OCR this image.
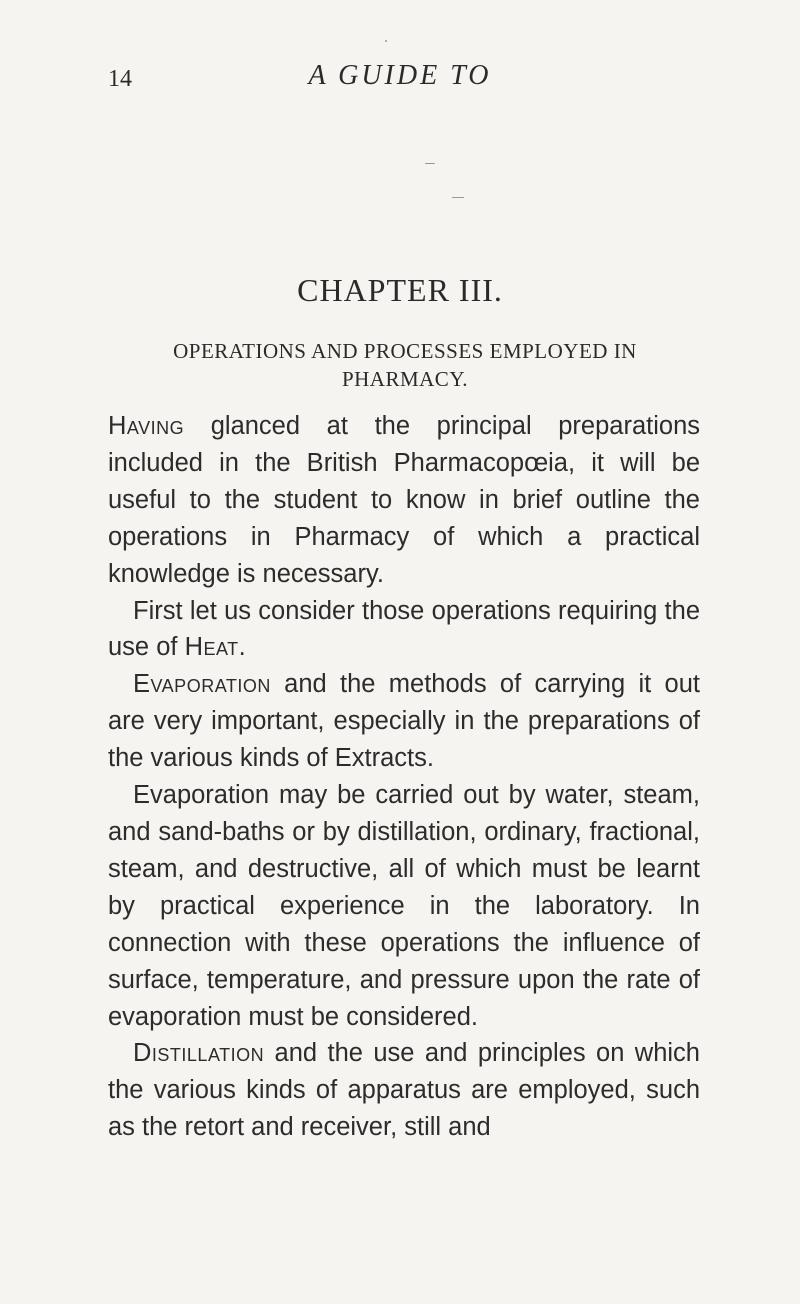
14	A GUIDE TO
CHAPTER III.
OPERATIONS AND PROCESSES EMPLOYED IN PHARMACY.

Having glanced at the principal preparations included in the British Pharmacopœia, it will be useful to the student to know in brief outline the operations in Pharmacy of which a practical knowledge is necessary.

First let us consider those operations requiring the use of Heat.

Evaporation and the methods of carrying it out are very important, especially in the preparations of the various kinds of Extracts.

Evaporation may be carried out by water, steam, and sand-baths or by distillation, ordinary, fractional, steam, and destructive, all of which must be learnt by practical experience in the laboratory. In connection with these operations the influence of surface, temperature, and pressure upon the rate of evaporation must be considered.

Distillation and the use and principles on which the various kinds of apparatus are employed, such as the retort and receiver, still and
